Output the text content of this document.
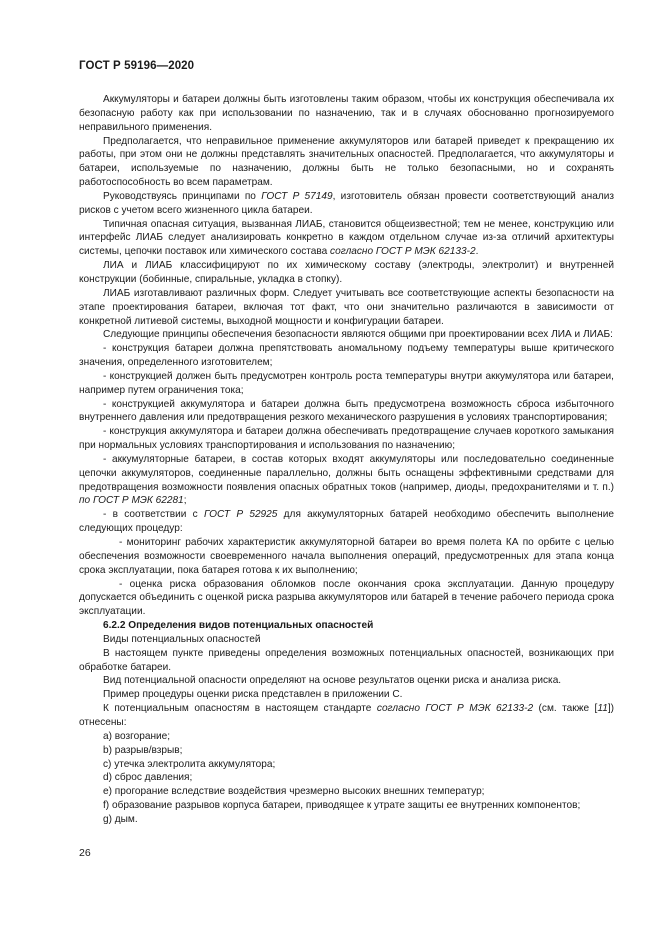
ГОСТ Р 59196—2020

Аккумуляторы и батареи должны быть изготовлены таким образом, чтобы их конструкция обеспечивала их безопасную работу как при использовании по назначению, так и в случаях обоснованно прогнозируемого неправильного применения.

Предполагается, что неправильное применение аккумуляторов или батарей приведет к прекращению их работы, при этом они не должны представлять значительных опасностей. Предполагается, что аккумуляторы и батареи, используемые по назначению, должны быть не только безопасными, но и сохранять работоспособность во всем параметрам.

Руководствуясь принципами по ГОСТ Р 57149, изготовитель обязан провести соответствующий анализ рисков с учетом всего жизненного цикла батареи.

Типичная опасная ситуация, вызванная ЛИАБ, становится общеизвестной; тем не менее, конструкцию или интерфейс ЛИАБ следует анализировать конкретно в каждом отдельном случае из-за отличий архитектуры системы, цепочки поставок или химического состава согласно ГОСТ Р МЭК 62133-2.

ЛИА и ЛИАБ классифицируют по их химическому составу (электроды, электролит) и внутренней конструкции (бобинные, спиральные, укладка в стопку).

ЛИАБ изготавливают различных форм. Следует учитывать все соответствующие аспекты безопасности на этапе проектирования батареи, включая тот факт, что они значительно различаются в зависимости от конкретной литиевой системы, выходной мощности и конфигурации батареи.

Следующие принципы обеспечения безопасности являются общими при проектировании всех ЛИА и ЛИАБ:

- конструкция батареи должна препятствовать аномальному подъему температуры выше критического значения, определенного изготовителем;

- конструкцией должен быть предусмотрен контроль роста температуры внутри аккумулятора или батареи, например путем ограничения тока;

- конструкцией аккумулятора и батареи должна быть предусмотрена возможность сброса избыточного внутреннего давления или предотвращения резкого механического разрушения в условиях транспортирования;

- конструкция аккумулятора и батареи должна обеспечивать предотвращение случаев короткого замыкания при нормальных условиях транспортирования и использования по назначению;

- аккумуляторные батареи, в состав которых входят аккумуляторы или последовательно соединенные цепочки аккумуляторов, соединенные параллельно, должны быть оснащены эффективными средствами для предотвращения возможности появления опасных обратных токов (например, диоды, предохранителями и т. п.) по ГОСТ Р МЭК 62281;

- в соответствии с ГОСТ Р 52925 для аккумуляторных батарей необходимо обеспечить выполнение следующих процедур:

- мониторинг рабочих характеристик аккумуляторной батареи во время полета КА по орбите с целью обеспечения возможности своевременного начала выполнения операций, предусмотренных для этапа конца срока эксплуатации, пока батарея готова к их выполнению;

- оценка риска образования обломков после окончания срока эксплуатации. Данную процедуру допускается объединить с оценкой риска разрыва аккумуляторов или батарей в течение рабочего периода срока эксплуатации.

6.2.2 Определения видов потенциальных опасностей

Виды потенциальных опасностей

В настоящем пункте приведены определения возможных потенциальных опасностей, возникающих при обработке батареи.

Вид потенциальной опасности определяют на основе результатов оценки риска и анализа риска.

Пример процедуры оценки риска представлен в приложении С.

К потенциальным опасностям в настоящем стандарте согласно ГОСТ Р МЭК 62133-2 (см. также [11]) отнесены:

a) возгорание;

b) разрыв/взрыв;

c) утечка электролита аккумулятора;

d) сброс давления;

e) прогорание вследствие воздействия чрезмерно высоких внешних температур;

f) образование разрывов корпуса батареи, приводящее к утрате защиты ее внутренних компонентов;

g) дым.

26
